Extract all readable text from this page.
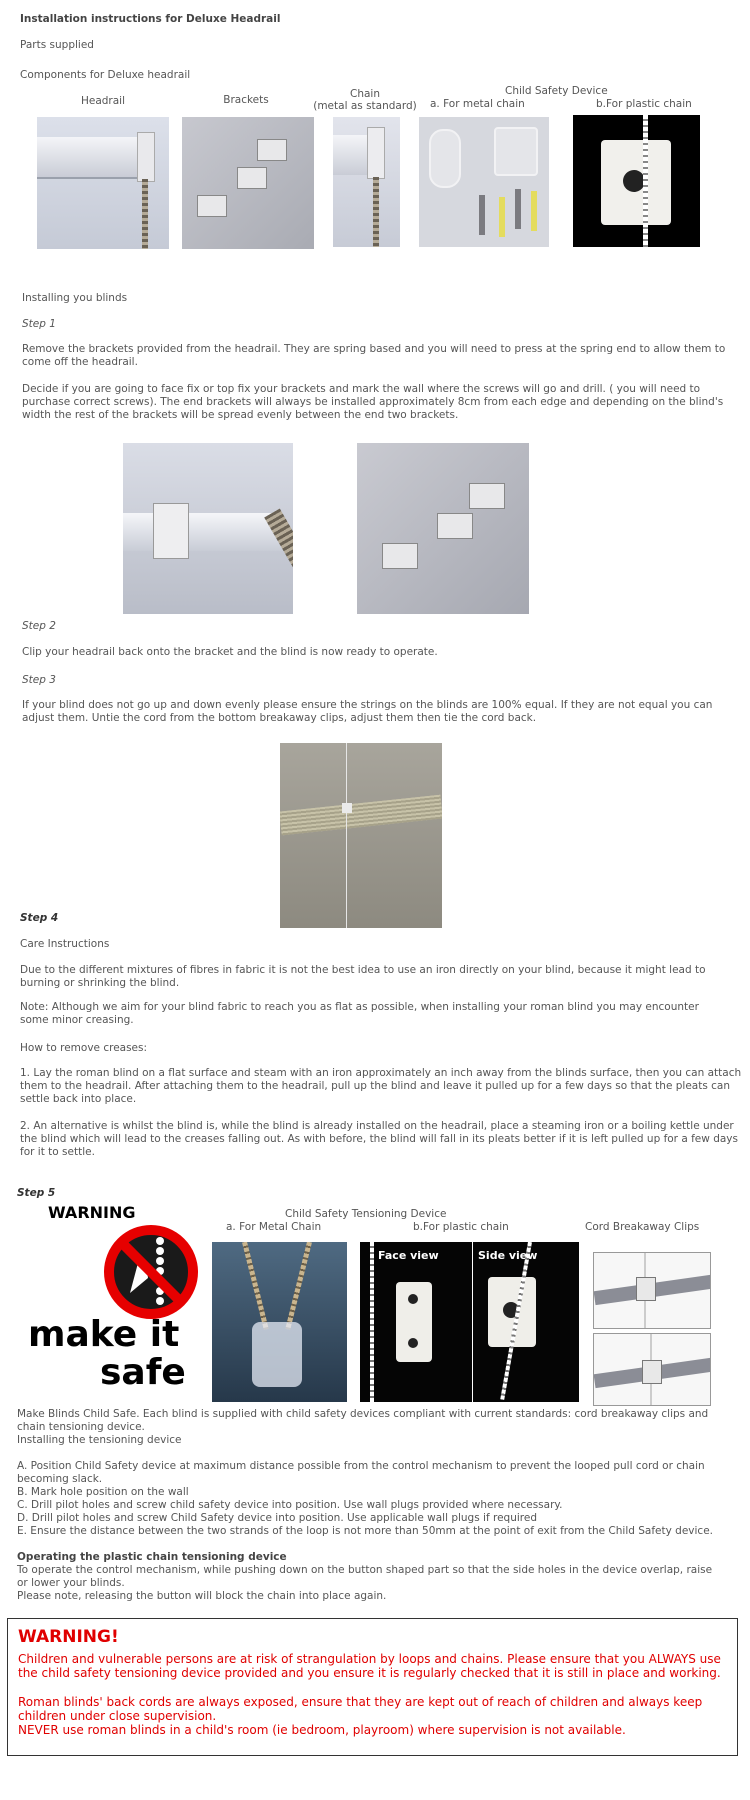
Installation instructions for Deluxe Headrail
Parts supplied
Components for Deluxe headrail
Headrail	Brackets	Chain
(metal as standard)
Child Safety Device
a. For metal chain	b.For plastic chain
Installing you blinds
Step 1
Remove the brackets provided from the headrail. They are spring based and you will need to press at the spring end to allow them to come off the headrail.
Decide if you are going to face fix or top fix your brackets and mark the wall where the screws will go and drill. ( you will need to purchase correct screws). The end brackets will always be installed approximately 8cm from each edge and depending on the blind's width the rest of the brackets will be spread evenly between the end two brackets.
Step 2
Clip your headrail back onto the bracket and the blind is now ready to operate.
Step 3
If your blind does not go up and down evenly please ensure the strings on the blinds are 100% equal. If they are not equal you can adjust them. Untie the cord from the bottom breakaway clips, adjust them then tie the cord back.
Step 4
Care Instructions
Due to the different mixtures of fibres in fabric it is not the best idea to use an iron directly on your blind, because it might lead to burning or shrinking the blind.
Note: Although we aim for your blind fabric to reach you as flat as possible, when installing your roman blind you may encounter some minor creasing.
How to remove creases:
1. Lay the roman blind on a flat surface and steam with an iron approximately an inch away from the blinds surface, then you can attach them to the headrail. After attaching them to the headrail, pull up the blind and leave it pulled up for a few days so that the pleats can settle back into place.
2. An alternative is whilst the blind is, while the blind is already installed on the headrail, place a steaming iron or a boiling kettle under the blind which will lead to the creases falling out. As with before, the blind will fall in its pleats better if it is left pulled up for a few days for it to settle.
Step 5
WARNING
make it
safe
Child Safety Tensioning Device
a. For Metal Chain	b.For plastic chain	Cord Breakaway Clips
Face view	Side view
Make Blinds Child Safe. Each blind is supplied with child safety devices compliant with current standards: cord breakaway clips and chain tensioning device.
Installing the tensioning device
A. Position Child Safety device at maximum distance possible from the control mechanism to prevent the looped pull cord or chain becoming slack.
B. Mark hole position on the wall
C. Drill pilot holes and screw child safety device into position. Use wall plugs provided where necessary.
D. Drill pilot holes and screw Child Safety device into position. Use applicable wall plugs if required
E. Ensure the distance between the two strands of the loop is not more than 50mm at the point of exit from the Child Safety device.
Operating the plastic chain tensioning device
To operate the control mechanism, while pushing down on the button shaped part so that the side holes in the device overlap, raise or lower your blinds.
Please note, releasing the button will block the chain into place again.
WARNING!
Children and vulnerable persons are at risk of strangulation by loops and chains. Please ensure that you ALWAYS use the child safety tensioning device provided and you ensure it is regularly checked that it is still in place and working.
Roman blinds' back cords are always exposed, ensure that they are kept out of reach of children and always keep children under close supervision.
NEVER use roman blinds in a child's room (ie bedroom, playroom) where supervision is not available.
